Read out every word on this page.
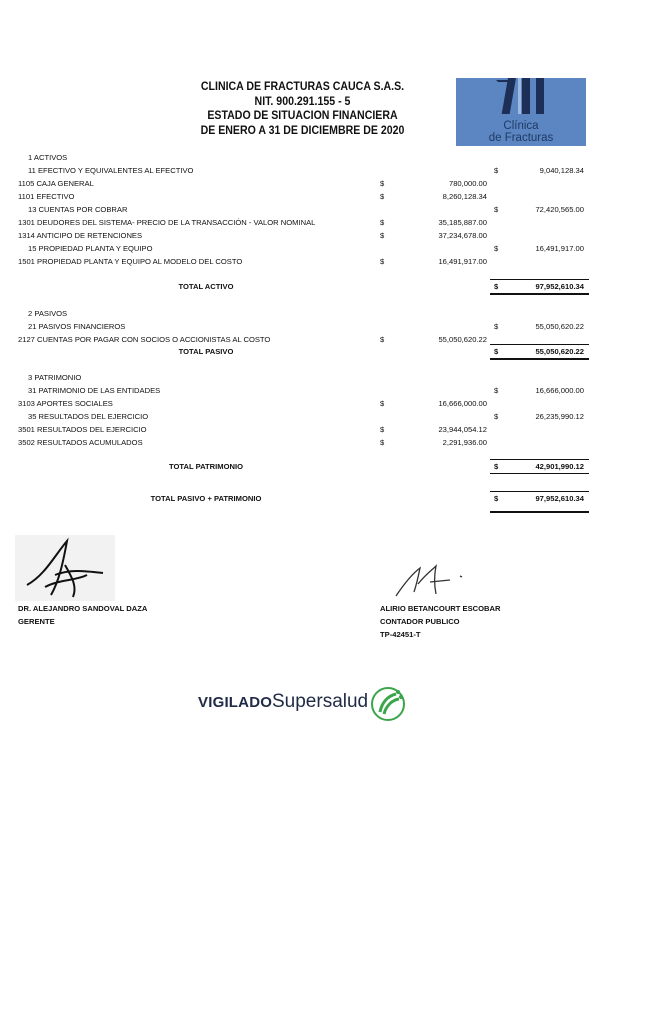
CLINICA DE FRACTURAS CAUCA S.A.S.
NIT. 900.291.155 - 5
ESTADO DE SITUACION FINANCIERA
DE ENERO A 31 DE DICIEMBRE DE 2020	Clínica
de Fracturas
1 ACTIVOS
11 EFECTIVO Y EQUIVALENTES AL EFECTIVO	$	9,040,128.34
1105 CAJA GENERAL	$	780,000.00
1101 EFECTIVO	$	8,260,128.34
13 CUENTAS POR COBRAR	$	72,420,565.00
1301 DEUDORES DEL SISTEMA- PRECIO DE LA TRANSACCIÓN - VALOR NOMINAL	$	35,185,887.00
1314 ANTICIPO DE RETENCIONES	$	37,234,678.00
15 PROPIEDAD PLANTA Y EQUIPO	$	16,491,917.00
1501 PROPIEDAD PLANTA Y EQUIPO AL MODELO DEL COSTO	$	16,491,917.00
2 PASIVOS
21 PASIVOS FINANCIEROS	$	55,050,620.22
2127 CUENTAS POR PAGAR CON SOCIOS O ACCIONISTAS AL COSTO	$	55,050,620.22
3 PATRIMONIO
31 PATRIMONIO DE LAS ENTIDADES	$	16,666,000.00
3103 APORTES SOCIALES	$	16,666,000.00
35 RESULTADOS DEL EJERCICIO	$	26,235,990.12
3501 RESULTADOS DEL EJERCICIO	$	23,944,054.12
3502 RESULTADOS ACUMULADOS	$	2,291,936.00
TOTAL ACTIVO	$	97,952,610.34
TOTAL PASIVO	$	55,050,620.22
TOTAL PATRIMONIO	$	42,901,990.12
TOTAL PASIVO + PATRIMONIO	$	97,952,610.34
DR. ALEJANDRO SANDOVAL DAZA
GERENTE
ALIRIO BETANCOURT ESCOBAR
CONTADOR PUBLICO
TP-42451-T
VIGILADO Supersalud
